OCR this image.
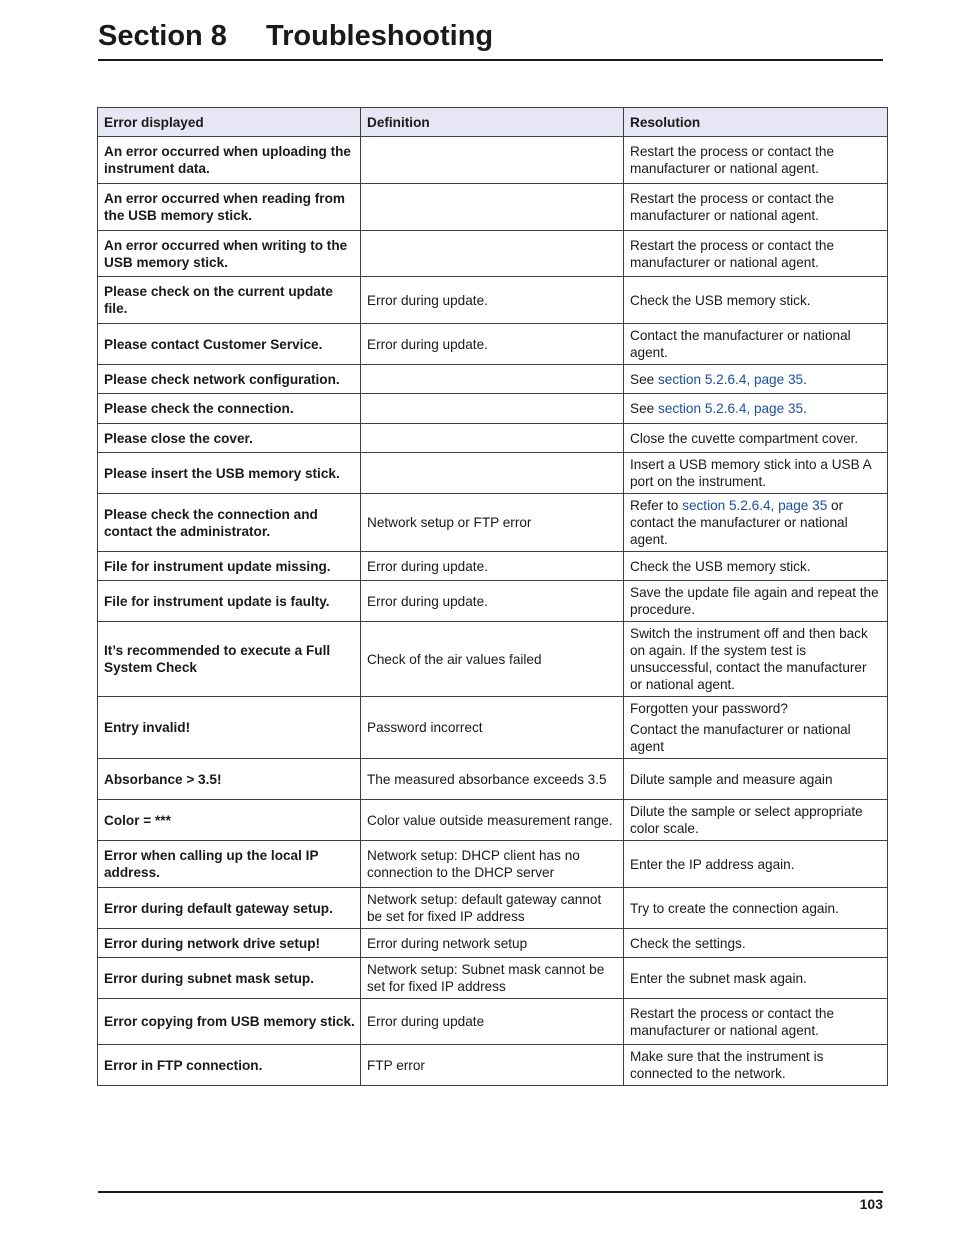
Section 8 Troubleshooting
Error displayed	Definition	Resolution
An error occurred when uploading the instrument data.		Restart the process or contact the manufacturer or national agent.
An error occurred when reading from the USB memory stick.		Restart the process or contact the manufacturer or national agent.
An error occurred when writing to the USB memory stick.		Restart the process or contact the manufacturer or national agent.
Please check on the current update file.	Error during update.	Check the USB memory stick.
Please contact Customer Service.	Error during update.	Contact the manufacturer or national agent.
Please check network configuration.		See section 5.2.6.4, page 35.
Please check the connection.		See section 5.2.6.4, page 35.
Please close the cover.		Close the cuvette compartment cover.
Please insert the USB memory stick.		Insert a USB memory stick into a USB A port on the instrument.
Please check the connection and contact the administrator.	Network setup or FTP error	Refer to section 5.2.6.4, page 35 or contact the manufacturer or national agent.
File for instrument update missing.	Error during update.	Check the USB memory stick.
File for instrument update is faulty.	Error during update.	Save the update file again and repeat the procedure.
It’s recommended to execute a Full System Check	Check of the air values failed	Switch the instrument off and then back on again. If the system test is unsuccessful, contact the manufacturer or national agent.
Entry invalid!	Password incorrect	Forgotten your password?
Contact the manufacturer or national agent

Absorbance > 3.5!	The measured absorbance exceeds 3.5	Dilute sample and measure again
Color = ***	Color value outside measurement range.	Dilute the sample or select appropriate color scale.
Error when calling up the local IP address.	Network setup: DHCP client has no connection to the DHCP server	Enter the IP address again.
Error during default gateway setup.	Network setup: default gateway cannot be set for fixed IP address	Try to create the connection again.
Error during network drive setup!	Error during network setup	Check the settings.
Error during subnet mask setup.	Network setup: Subnet mask cannot be set for fixed IP address	Enter the subnet mask again.
Error copying from USB memory stick.	Error during update	Restart the process or contact the manufacturer or national agent.
Error in FTP connection.	FTP error	Make sure that the instrument is connected to the network.
103
